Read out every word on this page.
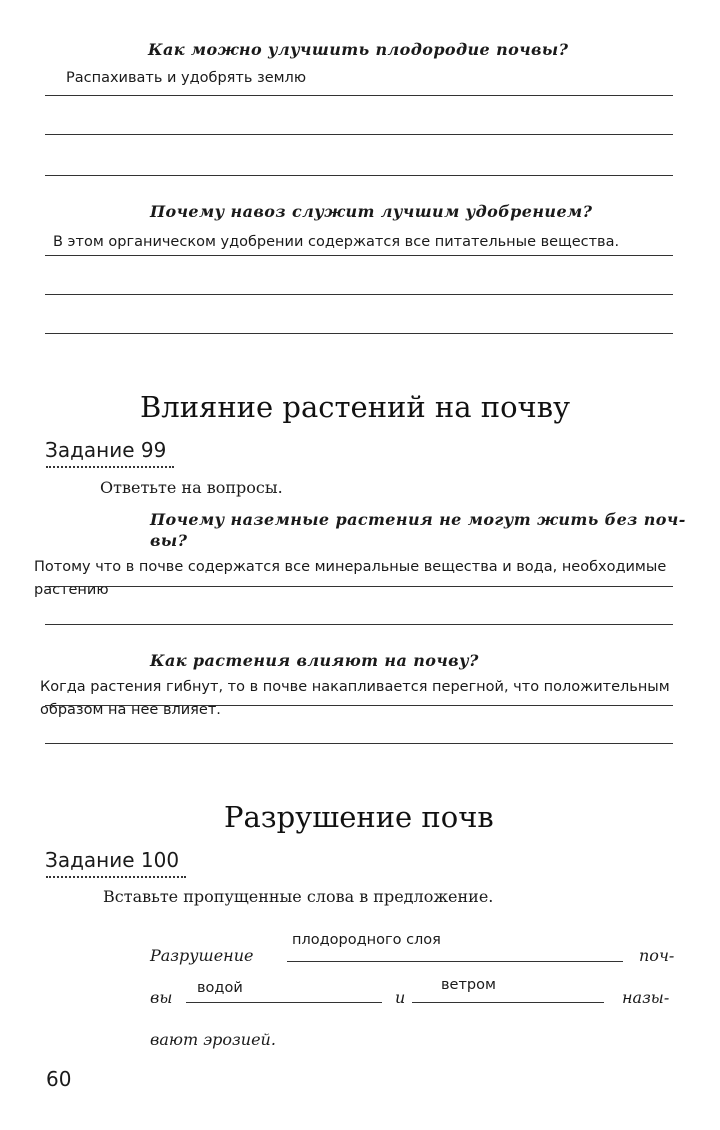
Как можно улучшить плодородие почвы?
Распахивать и удобрять землю
Почему навоз служит лучшим удобрением?
В этом органическом удобрении содержатся все питательные вещества.
Влияние растений на почву
Задание 99
Ответьте на вопросы.
Почему наземные растения не могут жить без поч-
вы?
Потому что в почве содержатся все минеральные вещества и вода, необходимые
растению
Как растения влияют на почву?
Когда растения гибнут, то в почве накапливается перегной, что положительным
образом на нее влияет.
Разрушение почв
Задание 100
Вставьте пропущенные слова в предложение.
Разрушение
плодородного слоя
поч-
вы водой	и
ветром
назы-
вают эрозией.
60
